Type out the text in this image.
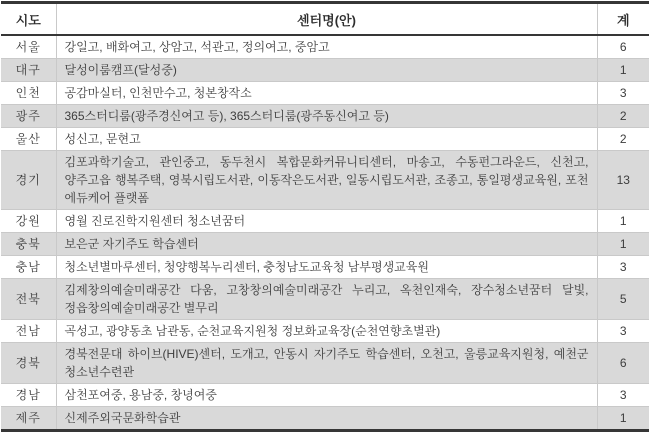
시도	센터명(안)	계
서울	강일고, 배화여고, 상암고, 석관고, 정의여고, 중암고	6
대구	달성이룸캠프(달성중)	1
인천	공감마실터, 인천만수고, 청본창작소	3
광주	365스터디룸(광주경신여고 등), 365스터디룸(광주동신여고 등)	2
울산	성신고, 문현고	2
경기	김포과학기술고, 관인중고, 동두천시 복합문화커뮤니티센터, 마송고, 수동펀그라운드, 신천고, 양주고읍 행복주택, 영북시립도서관, 이동작은도서관, 일동시립도서관, 조종고, 통일평생교육원, 포천 에듀케어 플랫폼	13
강원	영월 진로진학지원센터 청소년꿈터	1
충북	보은군 자기주도 학습센터	1
충남	청소년별마루센터, 청양행복누리센터, 충청남도교육청 남부평생교육원	3
전북	김제창의예술미래공간 다움, 고창창의예술미래공간 누리고, 옥천인재숙, 장수청소년꿈터 달빛, 정읍창의예술미래공간 별무리	5
전남	곡성고, 광양동초 남관동, 순천교육지원청 정보화교육장(순천연향초별관)	3
경북	경북전문대 하이브(HIVE)센터, 도개고, 안동시 자기주도 학습센터, 오천고, 울릉교육지원청, 예천군 청소년수련관	6
경남	삼천포여중, 용남중, 창녕여중	3
제주	신제주외국문화학습관	1
